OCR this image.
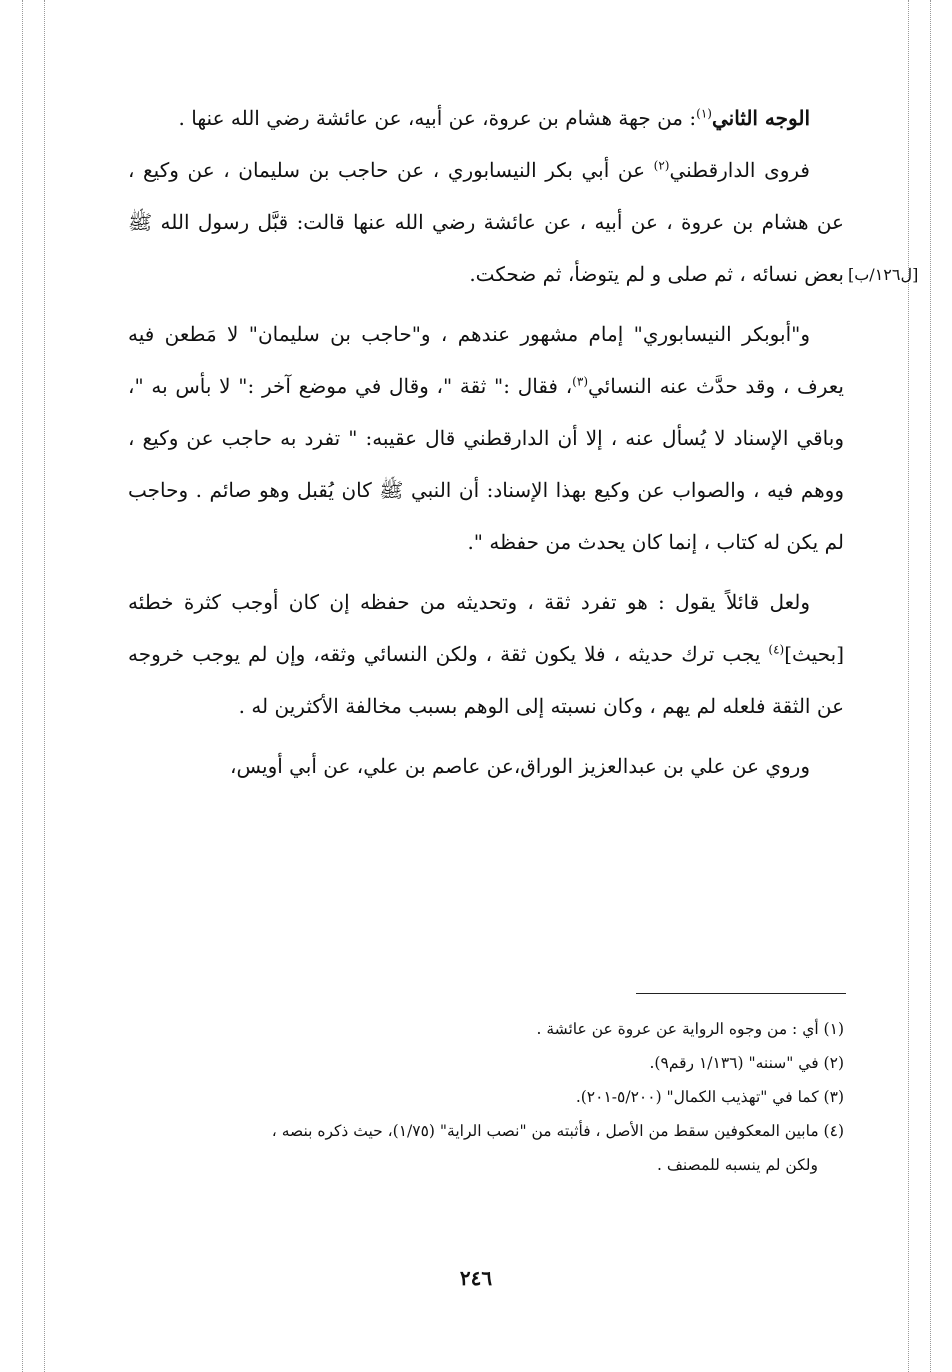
الوجه الثاني$^{(١)}$: من جهة هشام بن عروة، عن أبيه، عن عائشة رضي الله عنها .

فروى الدارقطني$^{(٢)}$ عن أبي بكر النيسابوري ، عن حاجب بن سليمان ، عن وكيع ، عن هشام بن عروة ، عن أبيه ، عن عائشة رضي الله عنها قالت: قبَّل رسول الله ﷺ بعض نسائه ، ثم صلى و لم يتوضأ، ثم ضحكت.

و"أبوبكر النيسابوري" إمام مشهور عندهم ، و"حاجب بن سليمان" لا مَطعن فيه يعرف ، وقد حدَّث عنه النسائي$^{(٣)}$، فقال :" ثقة "، وقال في موضع آخر :" لا بأس به "، وباقي الإسناد لا يُسأل عنه ، إلا أن الدارقطني قال عقيبه: " تفرد به حاجب عن وكيع ، ووهم فيه ، والصواب عن وكيع بهذا الإسناد: أن النبي ﷺ كان يُقبل وهو صائم . وحاجب لم يكن له كتاب ، إنما كان يحدث من حفظه ".

ولعل قائلاً يقول : هو تفرد ثقة ، وتحديثه من حفظه إن كان أوجب كثرة خطئه [بحيث]$^{(٤)}$ يجب ترك حديثه ، فلا يكون ثقة ، ولكن النسائي وثقه، وإن لم يوجب خروجه عن الثقة فلعله لم يهم ، وكان نسبته إلى الوهم بسبب مخالفة الأكثرين له .

وروي عن علي بن عبدالعزيز الوراق،عن عاصم بن علي، عن أبي أويس،

[ل١٢٦/ب]

(١) أي : من وجوه الرواية عن عروة عن عائشة .

(٢) في "سننه" (١/١٣٦ رقم٩).

(٣) كما في "تهذيب الكمال" (٥/٢٠٠-٢٠١).

(٤) مابين المعكوفين سقط من الأصل ، فأثبته من "نصب الراية" (١/٧٥)، حيث ذكره بنصه ،

ولكن لم ينسبه للمصنف .

٢٤٦
